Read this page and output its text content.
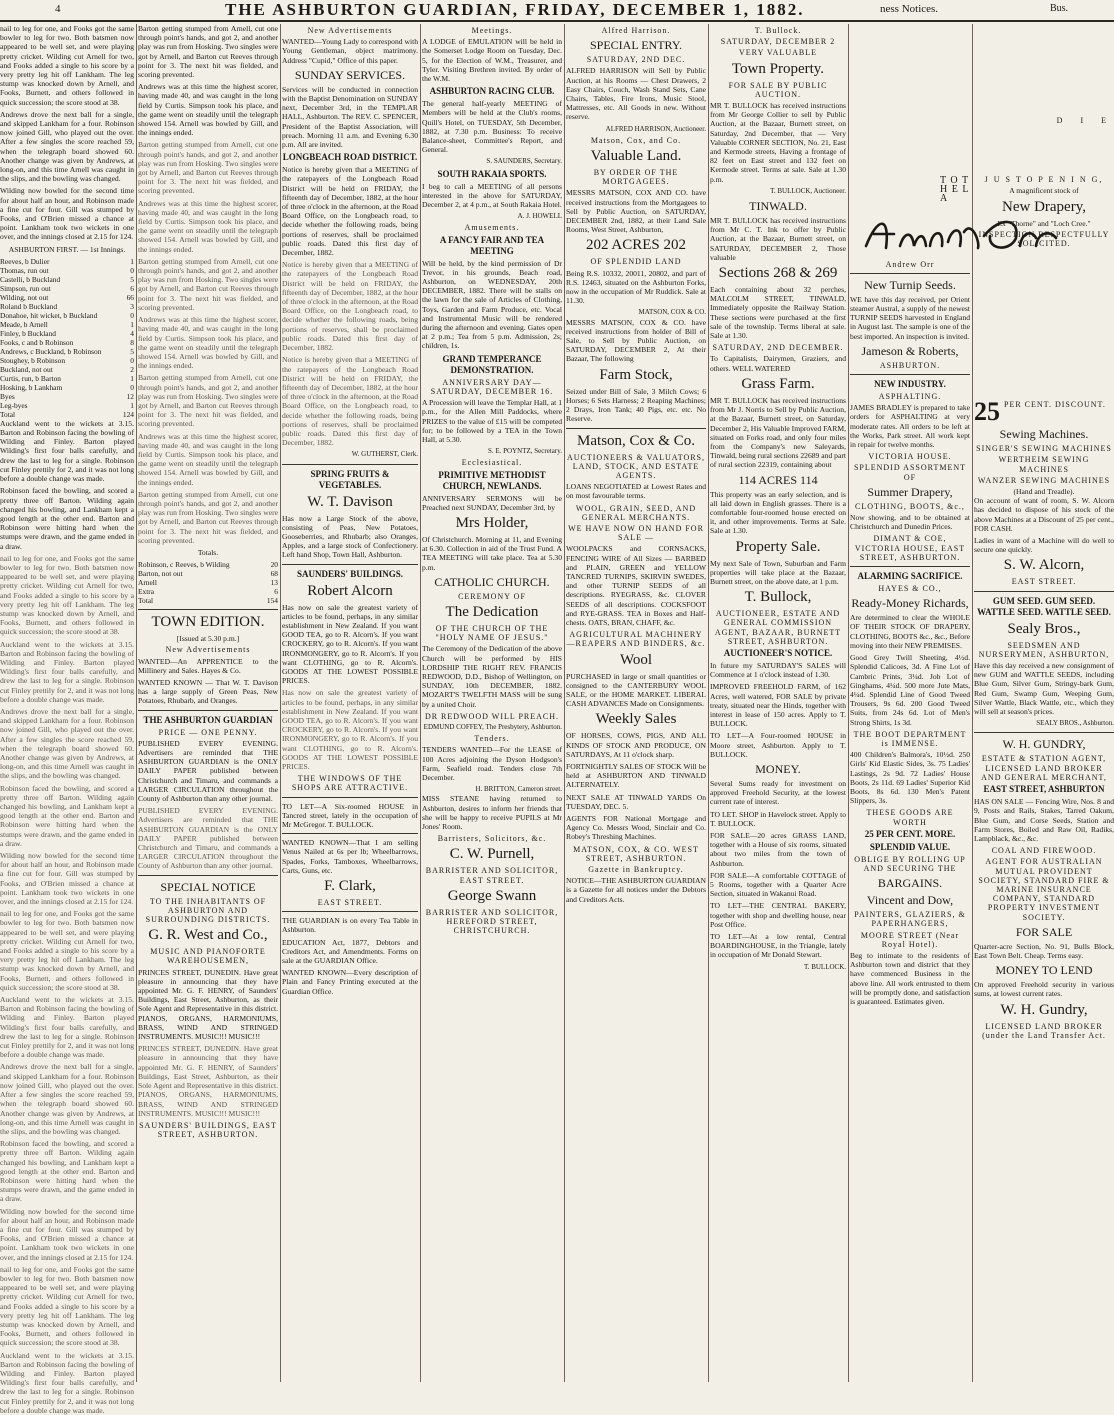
4	THE ASHBURTON GUARDIAN, FRIDAY, DECEMBER 1, 1882.	ness Notices.	Bus.

nail to leg for one, and Fooks got the same bowler to leg for two. Both batsmen now appeared to be well set, and were playing pretty cricket. Wilding cut Arnell for two, and Fooks added a single to his score by a very pretty leg hit off Lankham. The leg stump was knocked down by Arnell, and Fooks, Burnett, and others followed in quick succession; the score stood at 38.

Andrews drove the next ball for a single, and skipped Lankham for a four. Robinson now joined Gill, who played out the over. After a few singles the score reached 59, when the telegraph board showed 60. Another change was given by Andrews, at long-on, and this time Arnell was caught in the slips, and the bowling was changed.

Wilding now bowled for the second time for about half an hour, and Robinson made a fine cut for four. Gill was stumped by Fooks, and O'Brien missed a chance at point. Lankham took two wickets in one over, and the innings closed at 2.15 for 124.

ASHBURTON FIRST. — 1st Innings.

1
Reeves, b Dulier
0
Thomas, run out
5
Castelli, b Buckland
6
Simpson, run out
66
Wilding, not out
3
Roland b Buckland
0
Donahoe, hit wicket, b Buckland
1
Meade, b Arnell
4
Finley, b Buckland
8
Fooks, c and b Robinson
5
Andrews, c Buckland, b Robinson
0
Stoughey, b Robinson
2
Buckland, not out
1
Curtis, run, b Barton
0
Hosking, b Lankham
12
Byes
1
Leg-byes
124
Total

Auckland went to the wickets at 3.15. Barton and Robinson facing the bowling of Wilding and Finley. Barton played Wilding's first four balls carefully, and drew the last to leg for a single. Robinson cut Finley prettily for 2, and it was not long before a double change was made.

Robinson faced the bowling, and scored a pretty three off Barton. Wilding again changed his bowling, and Lankham kept a good length at the other end. Barton and Robinson were hitting hard when the stumps were drawn, and the game ended in a draw.

nail to leg for one, and Fooks got the same bowler to leg for two. Both batsmen now appeared to be well set, and were playing pretty cricket. Wilding cut Arnell for two, and Fooks added a single to his score by a very pretty leg hit off Lankham. The leg stump was knocked down by Arnell, and Fooks, Burnett, and others followed in quick succession; the score stood at 38.

Auckland went to the wickets at 3.15. Barton and Robinson facing the bowling of Wilding and Finley. Barton played Wilding's first four balls carefully, and drew the last to leg for a single. Robinson cut Finley prettily for 2, and it was not long before a double change was made.

Andrews drove the next ball for a single, and skipped Lankham for a four. Robinson now joined Gill, who played out the over. After a few singles the score reached 59, when the telegraph board showed 60. Another change was given by Andrews, at long-on, and this time Arnell was caught in the slips, and the bowling was changed.

Robinson faced the bowling, and scored a pretty three off Barton. Wilding again changed his bowling, and Lankham kept a good length at the other end. Barton and Robinson were hitting hard when the stumps were drawn, and the game ended in a draw.

Wilding now bowled for the second time for about half an hour, and Robinson made a fine cut for four. Gill was stumped by Fooks, and O'Brien missed a chance at point. Lankham took two wickets in one over, and the innings closed at 2.15 for 124.

nail to leg for one, and Fooks got the same bowler to leg for two. Both batsmen now appeared to be well set, and were playing pretty cricket. Wilding cut Arnell for two, and Fooks added a single to his score by a very pretty leg hit off Lankham. The leg stump was knocked down by Arnell, and Fooks, Burnett, and others followed in quick succession; the score stood at 38.

Auckland went to the wickets at 3.15. Barton and Robinson facing the bowling of Wilding and Finley. Barton played Wilding's first four balls carefully, and drew the last to leg for a single. Robinson cut Finley prettily for 2, and it was not long before a double change was made.

Andrews drove the next ball for a single, and skipped Lankham for a four. Robinson now joined Gill, who played out the over. After a few singles the score reached 59, when the telegraph board showed 60. Another change was given by Andrews, at long-on, and this time Arnell was caught in the slips, and the bowling was changed.

Robinson faced the bowling, and scored a pretty three off Barton. Wilding again changed his bowling, and Lankham kept a good length at the other end. Barton and Robinson were hitting hard when the stumps were drawn, and the game ended in a draw.

Wilding now bowled for the second time for about half an hour, and Robinson made a fine cut for four. Gill was stumped by Fooks, and O'Brien missed a chance at point. Lankham took two wickets in one over, and the innings closed at 2.15 for 124.

nail to leg for one, and Fooks got the same bowler to leg for two. Both batsmen now appeared to be well set, and were playing pretty cricket. Wilding cut Arnell for two, and Fooks added a single to his score by a very pretty leg hit off Lankham. The leg stump was knocked down by Arnell, and Fooks, Burnett, and others followed in quick succession; the score stood at 38.

Auckland went to the wickets at 3.15. Barton and Robinson facing the bowling of Wilding and Finley. Barton played Wilding's first four balls carefully, and drew the last to leg for a single. Robinson cut Finley prettily for 2, and it was not long before a double change was made.

Barton getting stumped from Arnell, cut one through point's hands, and got 2, and another play was run from Hosking. Two singles were got by Arnell, and Barton cut Reeves through point for 3. The next hit was fielded, and scoring prevented.

Andrews was at this time the highest scorer, having made 40, and was caught in the long field by Curtis. Simpson took his place, and the game went on steadily until the telegraph showed 154. Arnell was bowled by Gill, and the innings ended.

Barton getting stumped from Arnell, cut one through point's hands, and got 2, and another play was run from Hosking. Two singles were got by Arnell, and Barton cut Reeves through point for 3. The next hit was fielded, and scoring prevented.

Andrews was at this time the highest scorer, having made 40, and was caught in the long field by Curtis. Simpson took his place, and the game went on steadily until the telegraph showed 154. Arnell was bowled by Gill, and the innings ended.

Barton getting stumped from Arnell, cut one through point's hands, and got 2, and another play was run from Hosking. Two singles were got by Arnell, and Barton cut Reeves through point for 3. The next hit was fielded, and scoring prevented.

Andrews was at this time the highest scorer, having made 40, and was caught in the long field by Curtis. Simpson took his place, and the game went on steadily until the telegraph showed 154. Arnell was bowled by Gill, and the innings ended.

Barton getting stumped from Arnell, cut one through point's hands, and got 2, and another play was run from Hosking. Two singles were got by Arnell, and Barton cut Reeves through point for 3. The next hit was fielded, and scoring prevented.

Andrews was at this time the highest scorer, having made 40, and was caught in the long field by Curtis. Simpson took his place, and the game went on steadily until the telegraph showed 154. Arnell was bowled by Gill, and the innings ended.

Barton getting stumped from Arnell, cut one through point's hands, and got 2, and another play was run from Hosking. Two singles were got by Arnell, and Barton cut Reeves through point for 3. The next hit was fielded, and scoring prevented.

Totals.

20
Robinson, c Reeves, b Wilding
68
Barton, not out
13
Arnell
6
Extra
154
Total
TOWN EDITION.
[Issued at 5.30 p.m.]
New Advertisements

WANTED—An APPRENTICE to the Millinery and Sales. Hayes & Co.

WANTED KNOWN — That W. T. Davison has a large supply of Green Peas, New Potatoes, Rhubarb, and Oranges.

THE ASHBURTON GUARDIAN
PRICE — ONE PENNY.

PUBLISHED EVERY EVENING. Advertisers are reminded that THE ASHBURTON GUARDIAN is the ONLY DAILY PAPER published between Christchurch and Timaru, and commands a LARGER CIRCULATION throughout the County of Ashburton than any other journal.

PUBLISHED EVERY EVENING. Advertisers are reminded that THE ASHBURTON GUARDIAN is the ONLY DAILY PAPER published between Christchurch and Timaru, and commands a LARGER CIRCULATION throughout the County of Ashburton than any other journal.

SPECIAL NOTICE
TO THE INHABITANTS OF ASHBURTON AND SURROUNDING DISTRICTS.
G. R. West and Co.,
MUSIC AND PIANOFORTE WAREHOUSEMEN,

PRINCES STREET, DUNEDIN. Have great pleasure in announcing that they have appointed Mr. G. F. HENRY, of Saunders' Buildings, East Street, Ashburton, as their Sole Agent and Representative in this district. PIANOS, ORGANS, HARMONIUMS, BRASS, WIND AND STRINGED INSTRUMENTS. MUSIC!!! MUSIC!!!

PRINCES STREET, DUNEDIN. Have great pleasure in announcing that they have appointed Mr. G. F. HENRY, of Saunders' Buildings, East Street, Ashburton, as their Sole Agent and Representative in this district. PIANOS, ORGANS, HARMONIUMS, BRASS, WIND AND STRINGED INSTRUMENTS. MUSIC!!! MUSIC!!!

SAUNDERS' BUILDINGS, EAST STREET, ASHBURTON.
New Advertisements

WANTED—Young Lady to correspond with Young Gentleman, object matrimony. Address "Cupid," Office of this paper.

SUNDAY SERVICES.

Services will be conducted in connection with the Baptist Denomination on SUNDAY next, December 3rd, in the TEMPLAR HALL, Ashburton. The REV. C. SPENCER, President of the Baptist Association, will preach. Morning 11 a.m. and Evening 6.30 p.m. All are invited.

LONGBEACH ROAD DISTRICT.

Notice is hereby given that a MEETING of the ratepayers of the Longbeach Road District will be held on FRIDAY, the fifteenth day of December, 1882, at the hour of three o'clock in the afternoon, at the Road Board Office, on the Longbeach road, to decide whether the following roads, being portions of reserves, shall be proclaimed public roads. Dated this first day of December, 1882.

Notice is hereby given that a MEETING of the ratepayers of the Longbeach Road District will be held on FRIDAY, the fifteenth day of December, 1882, at the hour of three o'clock in the afternoon, at the Road Board Office, on the Longbeach road, to decide whether the following roads, being portions of reserves, shall be proclaimed public roads. Dated this first day of December, 1882.

Notice is hereby given that a MEETING of the ratepayers of the Longbeach Road District will be held on FRIDAY, the fifteenth day of December, 1882, at the hour of three o'clock in the afternoon, at the Road Board Office, on the Longbeach road, to decide whether the following roads, being portions of reserves, shall be proclaimed public roads. Dated this first day of December, 1882.

W. GUTHERST, Clerk.
SPRING FRUITS & VEGETABLES.
W. T. Davison

Has now a Large Stock of the above, consisting of Peas, New Potatoes, Gooseberries, and Rhubarb; also Oranges, Apples, and a large stock of Confectionery. Left hand Shop, Town Hall, Ashburton.

SAUNDERS' BUILDINGS.
Robert Alcorn

Has now on sale the greatest variety of articles to be found, perhaps, in any similar establishment in New Zealand. If you want GOOD TEA, go to R. Alcorn's. If you want CROCKERY, go to R. Alcorn's. If you want IRONMONGERY, go to R. Alcorn's. If you want CLOTHING, go to R. Alcorn's. GOODS AT THE LOWEST POSSIBLE PRICES.

Has now on sale the greatest variety of articles to be found, perhaps, in any similar establishment in New Zealand. If you want GOOD TEA, go to R. Alcorn's. If you want CROCKERY, go to R. Alcorn's. If you want IRONMONGERY, go to R. Alcorn's. If you want CLOTHING, go to R. Alcorn's. GOODS AT THE LOWEST POSSIBLE PRICES.

THE WINDOWS OF THE SHOPS ARE ATTRACTIVE.

TO LET—A Six-roomed HOUSE in Tancred street, lately in the occupation of Mr McGregor. T. BULLOCK.

WANTED KNOWN—That I am selling Venus Nailed at 6s per lb; Wheelbarrows, Spades, Forks, Tamboxes, Wheelbarrows, Carts, Guns, etc.

F. Clark,
EAST STREET.

THE GUARDIAN is on every Tea Table in Ashburton.

EDUCATION Act, 1877, Debtors and Creditors Act, and Amendments. Forms on sale at the GUARDIAN Office.

WANTED KNOWN—Every description of Plain and Fancy Printing executed at the Guardian Office.

Meetings.

A LODGE of EMULATION will be held in the Somerset Lodge Room on Tuesday, Dec. 5, for the Election of W.M., Treasurer, and Tyler. Visiting Brethren invited. By order of the W.M.

ASHBURTON RACING CLUB.

The general half-yearly MEETING of Members will be held at the Club's rooms, Quill's Hotel, on TUESDAY, 5th December, 1882, at 7.30 p.m. Business: To receive Balance-sheet, Committee's Report, and General.

S. SAUNDERS, Secretary.
SOUTH RAKAIA SPORTS.

I beg to call a MEETING of all persons interested in the above for SATURDAY, December 2, at 4 p.m., at South Rakaia Hotel.

A. J. HOWELL
Amusements.
A FANCY FAIR AND TEA MEETING

Will be held, by the kind permission of Dr Trevor, in his grounds, Beach road, Ashburton, on WEDNESDAY, 20th DECEMBER, 1882. There will be stalls on the lawn for the sale of Articles of Clothing, Toys, Garden and Farm Produce, etc. Vocal and Instrumental Music will be rendered during the afternoon and evening. Gates open at 2 p.m.; Tea from 5 p.m. Admission, 2s; children, 1s.

GRAND TEMPERANCE DEMONSTRATION.
ANNIVERSARY DAY—SATURDAY, DECEMBER 16.

A Procession will leave the Templar Hall, at 1 p.m., for the Allen Mill Paddocks, where PRIZES to the value of £15 will be competed for; to be followed by a TEA in the Town Hall, at 5.30.

S. E. POYNTZ, Secretary.
Ecclesiastical.
PRIMITIVE METHODIST CHURCH, NEWLANDS.

ANNIVERSARY SERMONS will be Preached next SUNDAY, December 3rd, by

Mrs Holder,

Of Christchurch. Morning at 11, and Evening at 6.30. Collection in aid of the Trust Fund. A TEA MEETING will take place. Tea at 5.30 p.m.

CATHOLIC CHURCH.
CEREMONY OF
The Dedication
OF THE CHURCH OF THE "HOLY NAME OF JESUS."

The Ceremony of the Dedication of the above Church will be performed by HIS LORDSHIP THE RIGHT REV. FRANCIS REDWOOD, D.D., Bishop of Wellington, on SUNDAY, 10th DECEMBER, 1882. MOZART'S TWELFTH MASS will be sung by a united Choir.

DR REDWOOD WILL PREACH.
EDMUND COFFEY, The Presbytery, Ashburton.
Tenders.

TENDERS WANTED—For the LEASE of 100 Acres adjoining the Dyson Hodgson's Farm, Seafield road. Tenders close 7th December.

H. BRITTON, Cameron street.

MISS STEANE having returned to Ashburton, desires to inform her friends that she will be happy to receive PUPILS at Mr Jones' Room.

Barristers, Solicitors, &c.
C. W. Purnell,
BARRISTER AND SOLICITOR, EAST STREET.
George Swann
BARRISTER AND SOLICITOR, HEREFORD STREET, CHRISTCHURCH.
Alfred Harrison.
SPECIAL ENTRY.
SATURDAY, 2ND DEC.

ALFRED HARRISON will Sell by Public Auction, at his Rooms — Chest Drawers, 2 Easy Chairs, Couch, Wash Stand Sets, Cane Chairs, Tables, Fire Irons, Music Stool, Mattresses, etc. All Goods in new. Without reserve.

ALFRED HARRISON, Auctioneer.
Matson, Cox, and Co.
Valuable Land.
BY ORDER OF THE MORTGAGEES.

MESSRS MATSON, COX AND CO. have received instructions from the Mortgagees to Sell by Public Auction, on SATURDAY, DECEMBER 2nd, 1882, at their Land Sale Rooms, West Street, Ashburton,

202 ACRES 202
OF SPLENDID LAND

Being R.S. 10332, 20011, 20802, and part of R.S. 12463, situated on the Ashburton Forks, now in the occupation of Mr Ruddick. Sale at 11.30.

MATSON, COX & CO.

MESSRS MATSON, COX & CO. have received instructions from holder of Bill of Sale, to Sell by Public Auction, on SATURDAY, DECEMBER 2, At their Bazaar, The following

Farm Stock,

Seized under Bill of Sale, 3 Milch Cows; 6 Horses; 6 Sets Harness; 2 Reaping Machines; 2 Drays, Iron Tank; 40 Pigs, etc. etc. No Reserve.

Matson, Cox & Co.
AUCTIONEERS & VALUATORS, LAND, STOCK, AND ESTATE AGENTS.

LOANS NEGOTIATED at Lowest Rates and on most favourable terms.

WOOL, GRAIN, SEED, AND GENERAL MERCHANTS.
WE HAVE NOW ON HAND FOR SALE —

WOOLPACKS and CORNSACKS, FENCING WIRE of All Sizes — BARBED and PLAIN, GREEN and YELLOW TANCRED TURNIPS, SKIRVIN SWEDES, and other TURNIP SEEDS of all descriptions. RYEGRASS, &c. CLOVER SEEDS of all descriptions. COCKSFOOT and RYE-GRASS. TEA in Boxes and Half-chests. OATS, BRAN, CHAFF, &c.

AGRICULTURAL MACHINERY—REAPERS AND BINDERS, &c.
Wool

PURCHASED in large or small quantities or consigned to the CANTERBURY WOOL SALE, or the HOME MARKET. LIBERAL CASH ADVANCES Made on Consignments.

Weekly Sales

OF HORSES, COWS, PIGS, AND ALL KINDS OF STOCK AND PRODUCE, ON SATURDAYS, At 11 o'clock sharp.

FORTNIGHTLY SALES OF STOCK Will be held at ASHBURTON AND TINWALD ALTERNATELY.

NEXT SALE AT TINWALD YARDS On TUESDAY, DEC. 5.

AGENTS FOR National Mortgage and Agency Co. Messrs Wood, Sinclair and Co. Robey's Threshing Machines.

MATSON, COX, & CO. WEST STREET, ASHBURTON.
Gazette in Bankruptcy.

NOTICE—THE ASHBURTON GUARDIAN is a Gazette for all notices under the Debtors and Creditors Acts.

T. Bullock.
SATURDAY, DECEMBER 2
VERY VALUABLE
Town Property.
FOR SALE BY PUBLIC AUCTION.

MR T. BULLOCK has received instructions from Mr George Collier to sell by Public Auction, at the Bazaar, Burnett street, on Saturday, 2nd December, that — Very Valuable CORNER SECTION, No. 21, East and Kermode streets, Having a frontage of 82 feet on East street and 132 feet on Kermode street. Terms at sale. Sale at 1.30 p.m.

T. BULLOCK, Auctioneer.
TINWALD.

MR T. BULLOCK has received instructions from Mr C. T. Ink to offer by Public Auction, at the Bazaar, Burnett street, on SATURDAY, DECEMBER 2, Those valuable

Sections 268 & 269

Each containing about 32 perches, MALCOLM STREET, TINWALD, Immediately opposite the Railway Station. These sections were purchased at the first sale of the township. Terms liberal at sale. Sale at 1.30.

SATURDAY, 2ND DECEMBER.

To Capitalists, Dairymen, Graziers, and others. WELL WATERED

Grass Farm.

MR T. BULLOCK has received instructions from Mr J. Norris to Sell by Public Auction, at the Bazaar, Burnett street, on Saturday, December 2, His Valuable Improved FARM, situated on Forks road, and only four miles from the Company's new Saleyards, Tinwald, being rural sections 22689 and part of rural section 22319, containing about

114 ACRES 114

This property was an early selection, and is all laid down in English grasses. There is a comfortable four-roomed house erected on it, and other improvements. Terms at Sale. Sale at 1.30.

Property Sale.

My next Sale of Town, Suburban and Farm properties will take place at the Bazaar, Burnett street, on the above date, at 1 p.m.

T. Bullock,
AUCTIONEER, ESTATE AND GENERAL COMMISSION AGENT, BAZAAR, BURNETT STREET, ASHBURTON.
AUCTIONEER'S NOTICE.

In future my SATURDAY'S SALES will Commence at 1 o'clock instead of 1.30.

IMPROVED FREEHOLD FARM, of 162 Acres, well watered, FOR SALE by private treaty, situated near the Hinds, together with interest in lease of 150 acres. Apply to T. BULLOCK.

TO LET—A Four-roomed HOUSE in Moore street, Ashburton. Apply to T. BULLOCK.

MONEY.

Several Sums ready for investment on approved Freehold Security, at the lowest current rate of interest.

TO LET. SHOP in Havelock street. Apply to T. BULLOCK.

FOR SALE—20 acres GRASS LAND, together with a House of six rooms, situated about two miles from the town of Ashburton.

FOR SALE—A comfortable COTTAGE of 5 Rooms, together with a Quarter Acre Section, situated in Wakanui Road.

TO LET—THE CENTRAL BAKERY, together with shop and dwelling house, near Post Office.

TO LET—At a low rental, Central BOARDINGHOUSE, in the Triangle, lately in occupation of Mr Donald Stewart.

T. BULLOCK.
T O T H E L A
Andrew Orr
New Turnip Seeds.

WE have this day received, per Orient steamer Austral, a supply of the newest TURNIP SEEDS harvested in England in August last. The sample is one of the best imported. An inspection is invited.

Jameson & Roberts,
ASHBURTON.
NEW INDUSTRY.
ASPHALTING.

JAMES BRADLEY is prepared to take orders for ASPHALTING at very moderate rates. All orders to be left at the Works, Park street. All work kept in repair for twelve months.

VICTORIA HOUSE.
SPLENDID ASSORTMENT OF
Summer Drapery,
CLOTHING, BOOTS, &c.,

Now showing, and to be obtained at Christchurch and Dunedin Prices.

DIMANT & COE, VICTORIA HOUSE, EAST STREET, ASHBURTON.
ALARMING SACRIFICE.
HAYES & CO.,
Ready-Money Richards,

Are determined to clear the WHOLE OF THEIR STOCK OF DRAPERY, CLOTHING, BOOTS &c., &c., Before moving into their NEW PREMISES.

Good Grey Twill Sheeting, 4½d. Splendid Calicoes, 3d. A Fine Lot of Cambric Prints, 3¼d. Job Lot of Ginghams, 4¼d. 500 more Jute Mats, 4¼d. Splendid Line of Good Tweed Trousers, 9s 6d. 200 Good Tweed Suits, from 24s 6d. Lot of Men's Strong Shirts, 1s 3d.

THE BOOT DEPARTMENT is IMMENSE.

400 Children's Balmora's, 10½d. 250 Girls' Kid Elastic Sides, 3s. 75 Ladies' Lastings, 2s 9d. 72 Ladies' House Boots, 2s 11d. 69 Ladies' Superior Kid Boots, 8s 6d. 130 Men's Patent Slippers, 3s.

THESE GOODS ARE WORTH
25 PER CENT. MORE.
SPLENDID VALUE.
OBLIGE BY ROLLING UP AND SECURING THE
BARGAINS.
Vincent and Dow,
PAINTERS, GLAZIERS, & PAPERHANGERS,
MOORE STREET (Near Royal Hotel).

Beg to intimate to the residents of Ashburton town and district that they have commenced Business in the above line. All work entrusted to them will be promptly done, and satisfaction is guaranteed. Estimates given.

D I E
J U S T O P E N I N G,
A magnificent stock of
New Drapery,
Ex "Thorne" and "Loch Cree."
INSPECTION RESPECTFULLY SOLICITED.
25 PER CENT. DISCOUNT.
Sewing Machines.
SINGER'S SEWING MACHINES
WERTHEIM SEWING MACHINES
WANZER SEWING MACHINES
(Hand and Treadle).

On account of want of room, S. W. Alcorn has decided to dispose of his stock of the above Machines at a Discount of 25 per cent., FOR CASH.

Ladies in want of a Machine will do well to secure one quickly.

S. W. Alcorn,
EAST STREET.
GUM SEED. GUM SEED. WATTLE SEED. WATTLE SEED.
Sealy Bros.,
SEEDSMEN AND NURSERYMEN, ASHBURTON,

Have this day received a new consignment of new GUM and WATTLE SEEDS, including Blue Gum, Silver Gum, Stringy-bark Gum, Red Gum, Swamp Gum, Weeping Gum, Silver Wattle, Black Wattle, etc., which they will sell at season's prices.

SEALY BROS., Ashburton.
W. H. GUNDRY,
ESTATE & STATION AGENT, LICENSED LAND BROKER AND GENERAL MERCHANT,
EAST STREET, ASHBURTON

HAS ON SALE — Fencing Wire, Nos. 8 and 9, Posts and Rails, Stakes, Tarred Oakum, Blue Gum, and Corse Seeds, Station and Farm Stores, Boiled and Raw Oil, Radiks, Lampblack, &c., &c.

COAL AND FIREWOOD.
AGENT FOR AUSTRALIAN MUTUAL PROVIDENT SOCIETY, STANDARD FIRE & MARINE INSURANCE COMPANY, STANDARD PROPERTY INVESTMENT SOCIETY.
FOR SALE

Quarter-acre Section, No. 91, Bulls Block, East Town Belt. Cheap. Terms easy.

MONEY TO LEND

On approved Freehold security in various sums, at lowest current rates.

W. H. Gundry,
LICENSED LAND BROKER (under the Land Transfer Act.
